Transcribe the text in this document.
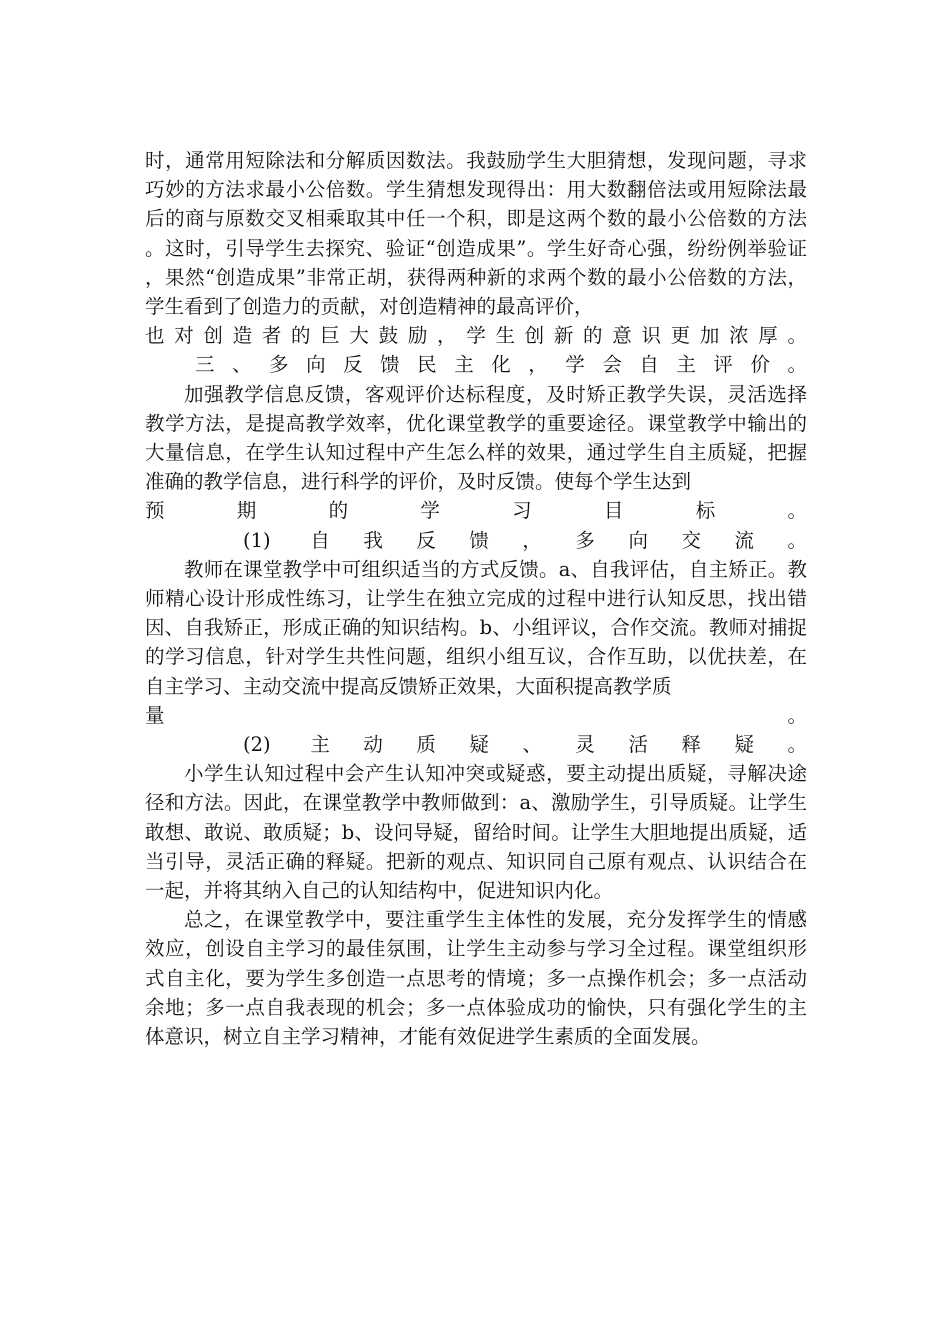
时，通常用短除法和分解质因数法。我鼓励学生大胆猜想，发现问题，寻求巧妙的方法求最小公倍数。学生猜想发现得出：用大数翻倍法或用短除法最后的商与原数交叉相乘取其中任一个积，即是这两个数的最小公倍数的方法。这时，引导学生去探究、验证“创造成果”。学生好奇心强，纷纷例举验证，果然“创造成果”非常正胡，获得两种新的求两个数的最小公倍数的方法，学生看到了创造力的贡献，对创造精神的最高评价，

也对创造者的巨大鼓励，学生创新的意识更加浓厚。

三、多向反馈民主化，学会自主评价。

加强教学信息反馈，客观评价达标程度，及时矫正教学失误，灵活选择教学方法，是提高教学效率，优化课堂教学的重要途径。课堂教学中输出的大量信息，在学生认知过程中产生怎么样的效果，通过学生自主质疑，把握准确的教学信息，进行科学的评价，及时反馈。使每个学生达到

预期的学习目标。

(1) 自我反馈，多向交流。

教师在课堂教学中可组织适当的方式反馈。a、自我评估，自主矫正。教师精心设计形成性练习，让学生在独立完成的过程中进行认知反思，找出错因、自我矫正，形成正确的知识结构。b、小组评议，合作交流。教师对捕捉的学习信息，针对学生共性问题，组织小组互议，合作互助，以优扶差，在自主学习、主动交流中提高反馈矫正效果，大面积提高教学质

量。

(2) 主动质疑、灵活释疑。

小学生认知过程中会产生认知冲突或疑惑，要主动提出质疑，寻解决途径和方法。因此，在课堂教学中教师做到：a、激励学生，引导质疑。让学生敢想、敢说、敢质疑；b、设问导疑，留给时间。让学生大胆地提出质疑，适当引导，灵活正确的释疑。把新的观点、知识同自己原有观点、认识结合在一起，并将其纳入自己的认知结构中，促进知识内化。

总之，在课堂教学中，要注重学生主体性的发展，充分发挥学生的情感效应，创设自主学习的最佳氛围，让学生主动参与学习全过程。课堂组织形式自主化，要为学生多创造一点思考的情境；多一点操作机会；多一点活动余地；多一点自我表现的机会；多一点体验成功的愉快，只有强化学生的主体意识，树立自主学习精神，才能有效促进学生素质的全面发展。
